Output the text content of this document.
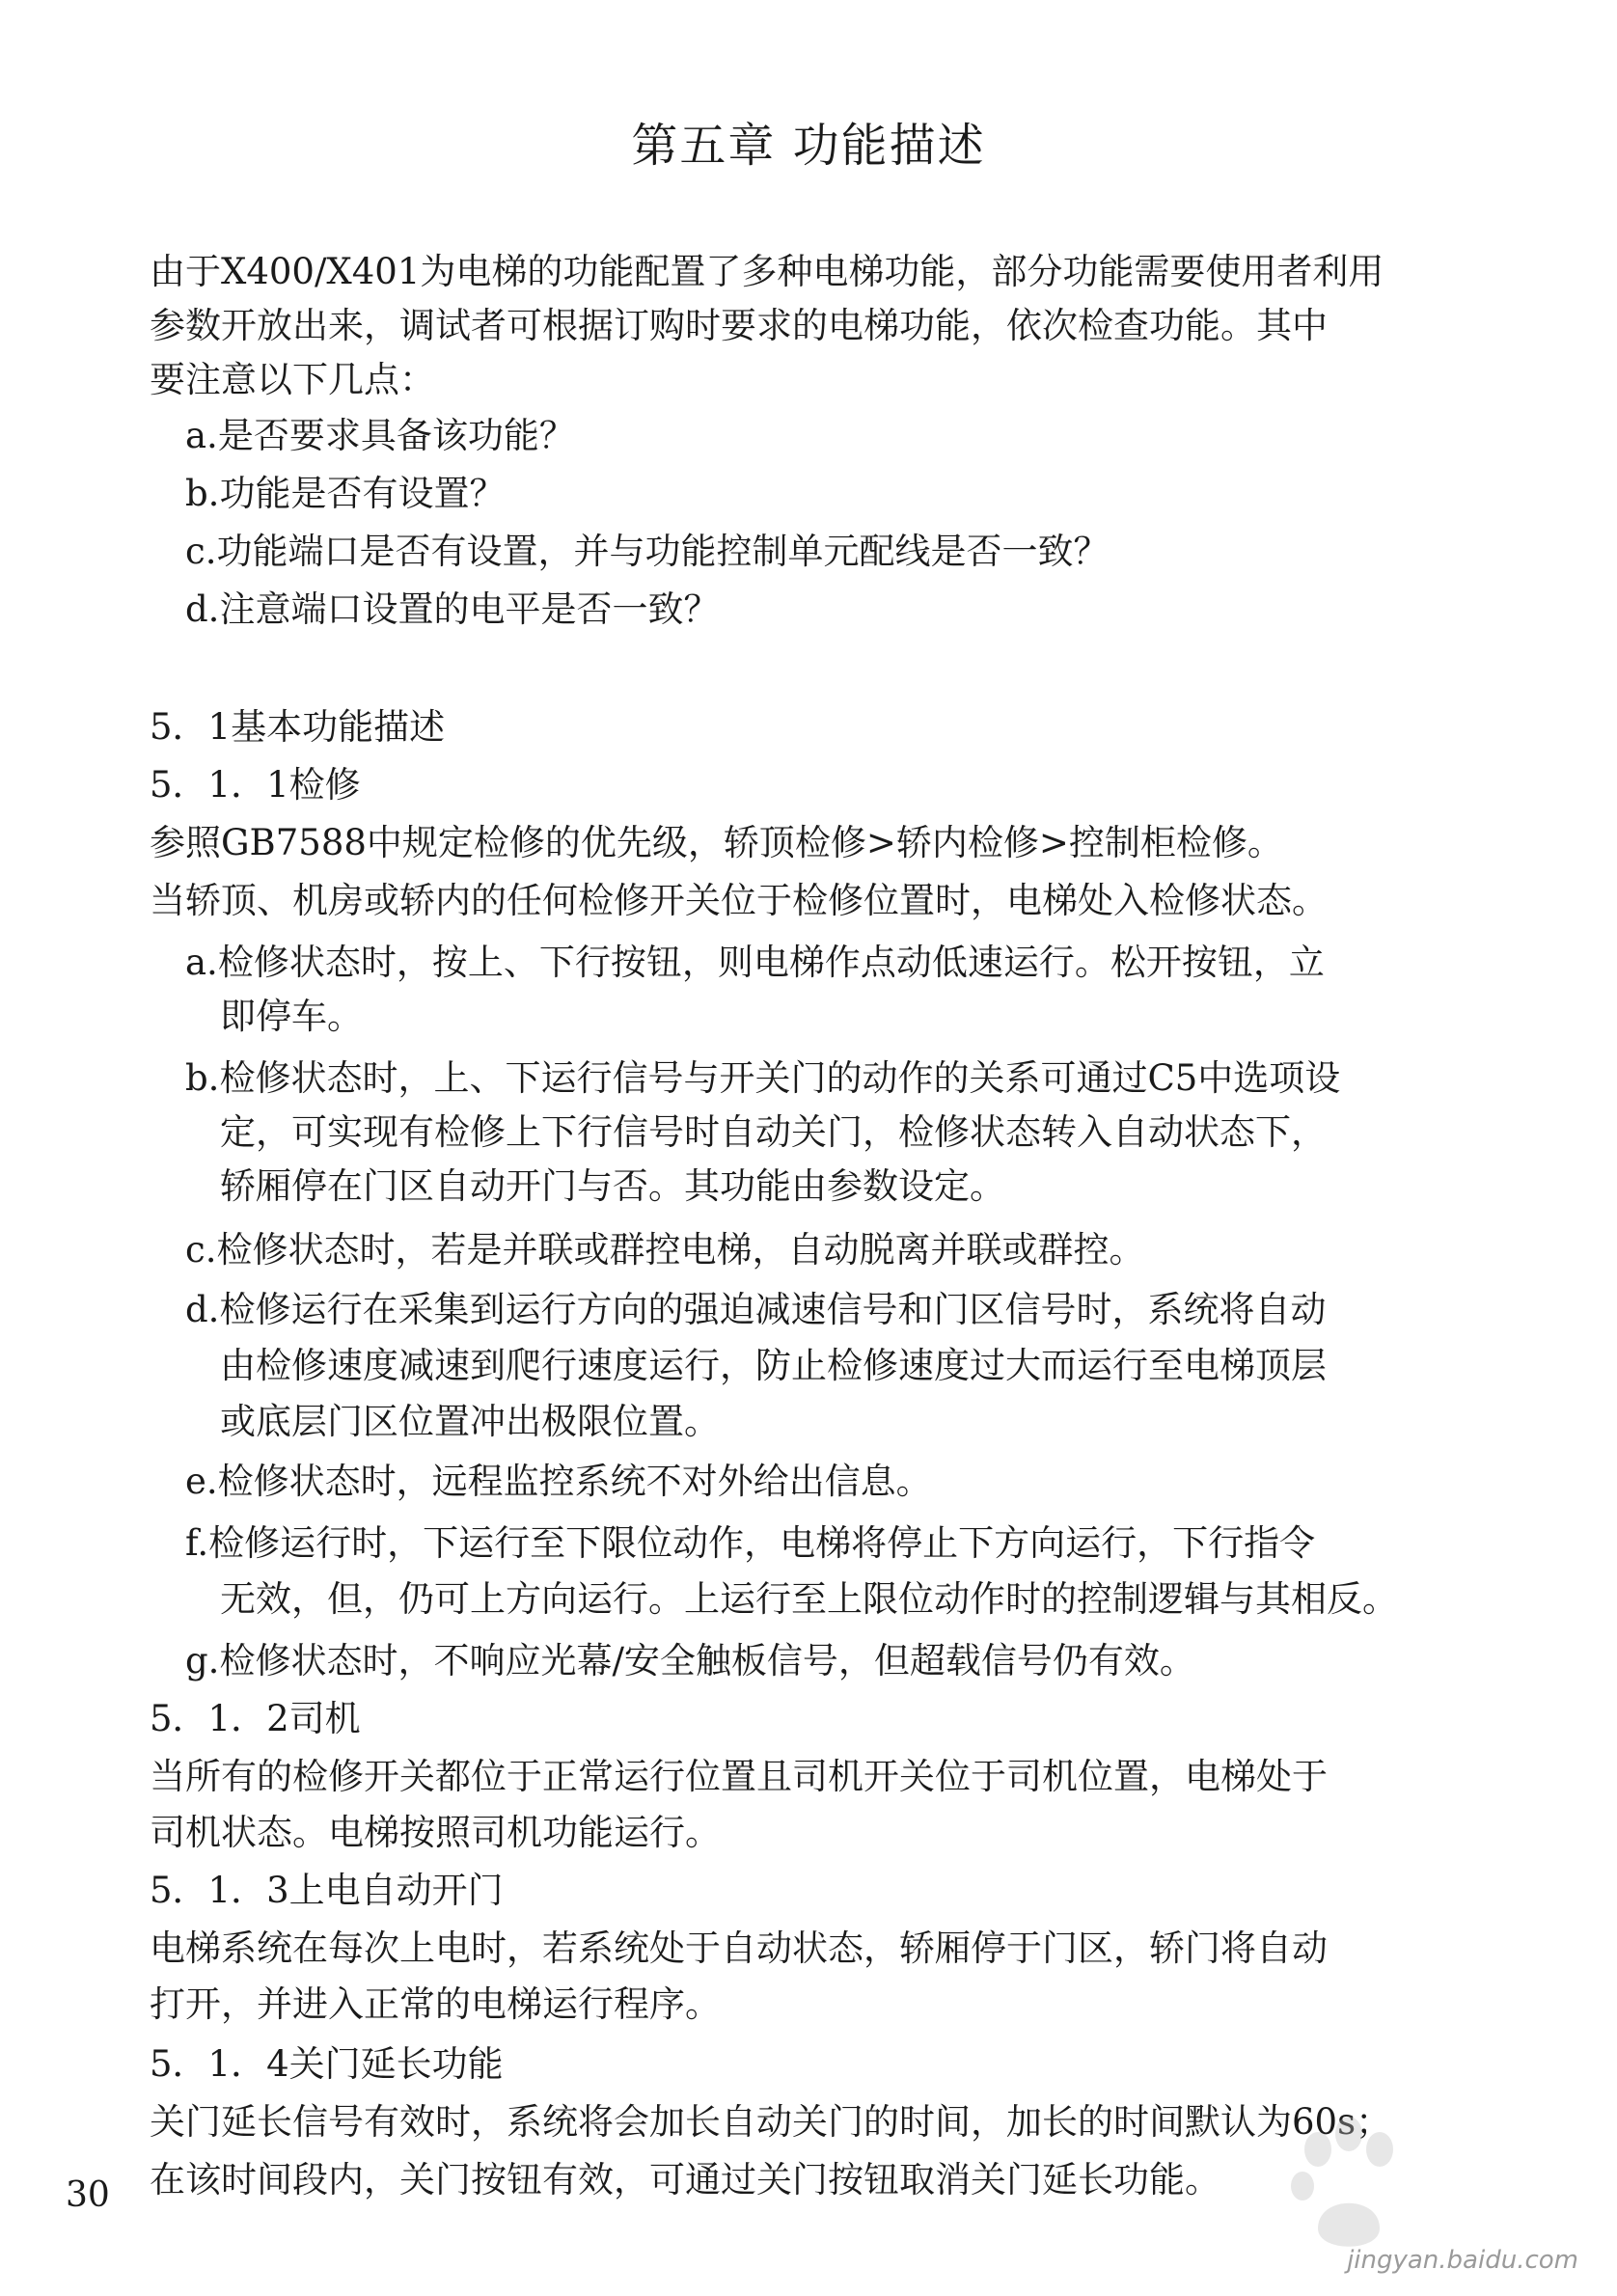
第五章 功能描述
由于X400/X401为电梯的功能配置了多种电梯功能，部分功能需要使用者利用
参数开放出来，调试者可根据订购时要求的电梯功能，依次检查功能。其中
要注意以下几点：
a.是否要求具备该功能？
b.功能是否有设置？
c.功能端口是否有设置，并与功能控制单元配线是否一致？
d.注意端口设置的电平是否一致？
5．1基本功能描述
5．1．1检修
参照GB7588中规定检修的优先级，轿顶检修>轿内检修>控制柜检修。
当轿顶、机房或轿内的任何检修开关位于检修位置时，电梯处入检修状态。
a.检修状态时，按上、下行按钮，则电梯作点动低速运行。松开按钮，立
即停车。
b.检修状态时，上、下运行信号与开关门的动作的关系可通过C5中选项设
定，可实现有检修上下行信号时自动关门，检修状态转入自动状态下，
轿厢停在门区自动开门与否。其功能由参数设定。
c.检修状态时，若是并联或群控电梯，自动脱离并联或群控。
d.检修运行在采集到运行方向的强迫减速信号和门区信号时，系统将自动
由检修速度减速到爬行速度运行，防止检修速度过大而运行至电梯顶层
或底层门区位置冲出极限位置。
e.检修状态时，远程监控系统不对外给出信息。
f.检修运行时，下运行至下限位动作，电梯将停止下方向运行，下行指令
无效，但，仍可上方向运行。上运行至上限位动作时的控制逻辑与其相反。
g.检修状态时，不响应光幕/安全触板信号，但超载信号仍有效。
5．1．2司机
当所有的检修开关都位于正常运行位置且司机开关位于司机位置，电梯处于
司机状态。电梯按照司机功能运行。
5．1．3上电自动开门
电梯系统在每次上电时，若系统处于自动状态，轿厢停于门区，轿门将自动
打开，并进入正常的电梯运行程序。
5．1．4关门延长功能
关门延长信号有效时，系统将会加长自动关门的时间，加长的时间默认为60s；
在该时间段内，关门按钮有效，可通过关门按钮取消关门延长功能。
30
jingyan.baidu.com
